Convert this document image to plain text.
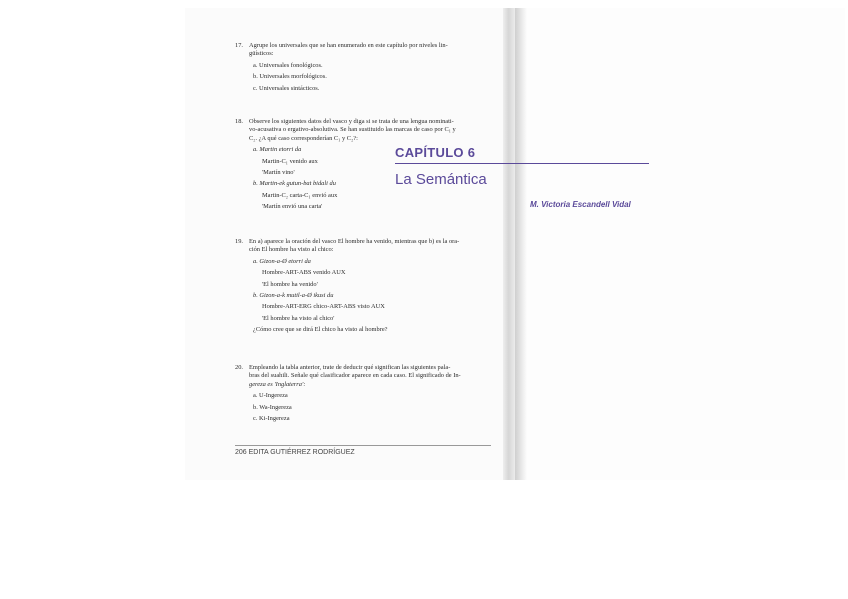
17. Agrupe los universales que se han enumerado en este capítulo por niveles lin-
güísticos:
a. Universales fonológicos.
b. Universales morfológicos.
c. Universales sintácticos.
18. Observe los siguientes datos del vasco y diga si se trata de una lengua nominati-
vo-acusativa o ergativo-absolutiva. Se han sustituido las marcas de caso por C₁ y
C₂. ¿A qué caso corresponderían C₁ y C₂?:
a. Martin etorri da
Martin-C₁ venido aux
'Martín vino'
b. Martin-ek gutun-bat bidali du
Martin-C₂ carta-C₁ envió aux
'Martín envió una carta'
19. En a) aparece la oración del vasco El hombre ha venido, mientras que b) es la ora-
ción El hombre ha visto al chico:
a. Gizon-a-Ø etorri da
Hombre-ART-ABS venido AUX
'El hombre ha venido'
b. Gizon-a-k mutil-a-Ø ikusi du
Hombre-ART-ERG chico-ART-ABS visto AUX
'El hombre ha visto al chico'
¿Cómo cree que se dirá El chico ha visto al hombre?
20. Empleando la tabla anterior, trate de deducir qué significan las siguientes pala-
bras del suahili. Señale qué clasificador aparece en cada caso. El significado de In-
gereza es 'Inglaterra':
a. U-Ingereza
b. Wa-Ingereza
c. Ki-Ingereza
206 EDITA GUTIÉRREZ RODRÍGUEZ
CAPÍTULO 6
La Semántica
M. Victoria Escandell Vidal
